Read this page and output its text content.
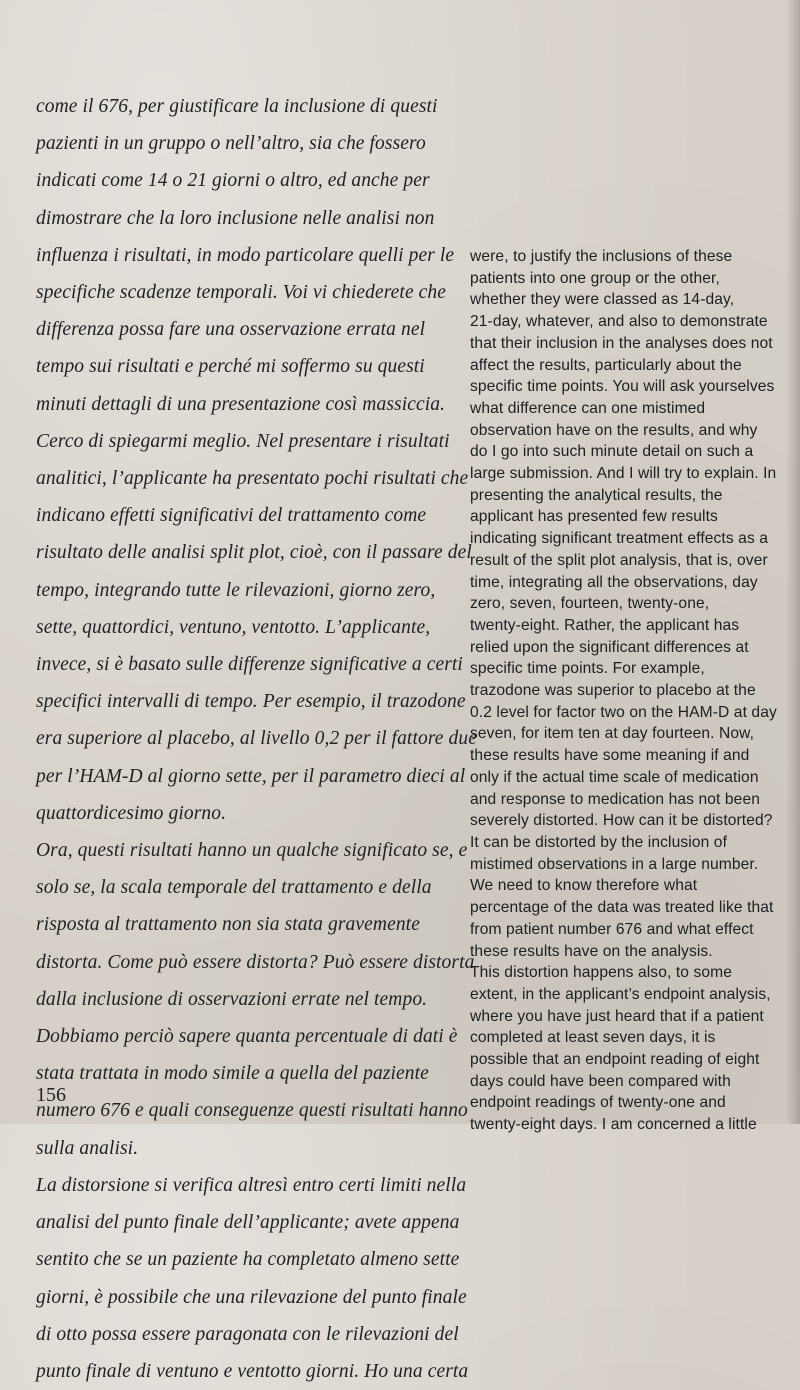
come il 676, per giustificare la inclusione di questi
pazienti in un gruppo o nell’altro, sia che fossero
indicati come 14 o 21 giorni o altro, ed anche per
dimostrare che la loro inclusione nelle analisi non
influenza i risultati, in modo particolare quelli per le
specifiche scadenze temporali. Voi vi chiederete che
differenza possa fare una osservazione errata nel
tempo sui risultati e perché mi soffermo su questi
minuti dettagli di una presentazione così massiccia.
Cerco di spiegarmi meglio. Nel presentare i risultati
analitici, l’applicante ha presentato pochi risultati che
indicano effetti significativi del trattamento come
risultato delle analisi split plot, cioè, con il passare del
tempo, integrando tutte le rilevazioni, giorno zero,
sette, quattordici, ventuno, ventotto. L’applicante,
invece, si è basato sulle differenze significative a certi
specifici intervalli di tempo. Per esempio, il trazodone
era superiore al placebo, al livello 0,2 per il fattore due
per l’HAM-D al giorno sette, per il parametro dieci al
quattordicesimo giorno.
Ora, questi risultati hanno un qualche significato se, e
solo se, la scala temporale del trattamento e della
risposta al trattamento non sia stata gravemente
distorta. Come può essere distorta? Può essere distorta
dalla inclusione di osservazioni errate nel tempo.
Dobbiamo perciò sapere quanta percentuale di dati è
stata trattata in modo simile a quella del paziente
numero 676 e quali conseguenze questi risultati hanno
sulla analisi.
La distorsione si verifica altresì entro certi limiti nella
analisi del punto finale dell’applicante; avete appena
sentito che se un paziente ha completato almeno sette
giorni, è possibile che una rilevazione del punto finale
di otto possa essere paragonata con le rilevazioni del
punto finale di ventuno e ventotto giorni. Ho una certa
were, to justify the inclusions of these
patients into one group or the other,
whether they were classed as 14-day,
21-day, whatever, and also to demonstrate
that their inclusion in the analyses does not
affect the results, particularly about the
specific time points. You will ask yourselves
what difference can one mistimed
observation have on the results, and why
do I go into such minute detail on such a
large submission. And I will try to explain. In
presenting the analytical results, the
applicant has presented few results
indicating significant treatment effects as a
result of the split plot analysis, that is, over
time, integrating all the observations, day
zero, seven, fourteen, twenty-one,
twenty-eight. Rather, the applicant has
relied upon the significant differences at
specific time points. For example,
trazodone was superior to placebo at the
0.2 level for factor two on the HAM-D at day
seven, for item ten at day fourteen. Now,
these results have some meaning if and
only if the actual time scale of medication
and response to medication has not been
severely distorted. How can it be distorted?
It can be distorted by the inclusion of
mistimed observations in a large number.
We need to know therefore what
percentage of the data was treated like that
from patient number 676 and what effect
these results have on the analysis.
This distortion happens also, to some
extent, in the applicant’s endpoint analysis,
where you have just heard that if a patient
completed at least seven days, it is
possible that an endpoint reading of eight
days could have been compared with
endpoint readings of twenty-one and
twenty-eight days. I am concerned a little
156
